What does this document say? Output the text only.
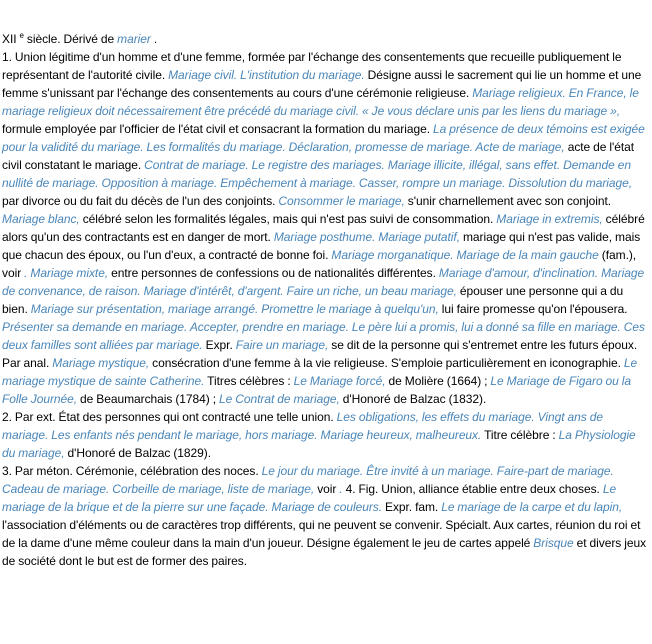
XII $^e$ siècle. Dérivé de marier .

1. Union légitime d'un homme et d'une femme, formée par l'échange des consentements que recueille publiquement le représentant de l'autorité civile. Mariage civil. L'institution du mariage. Désigne aussi le sacrement qui lie un homme et une femme s'unissant par l'échange des consentements au cours d'une cérémonie religieuse. Mariage religieux. En France, le mariage religieux doit nécessairement être précédé du mariage civil. « Je vous déclare unis par les liens du mariage », formule employée par l'officier de l'état civil et consacrant la formation du mariage. La présence de deux témoins est exigée pour la validité du mariage. Les formalités du mariage. Déclaration, promesse de mariage. Acte de mariage, acte de l'état civil constatant le mariage. Contrat de mariage. Le registre des mariages. Mariage illicite, illégal, sans effet. Demande en nullité de mariage. Opposition à mariage. Empêchement à mariage. Casser, rompre un mariage. Dissolution du mariage, par divorce ou du fait du décès de l'un des conjoints. Consommer le mariage, s'unir charnellement avec son conjoint. Mariage blanc, célébré selon les formalités légales, mais qui n'est pas suivi de consommation. Mariage in extremis, célébré alors qu'un des contractants est en danger de mort. Mariage posthume. Mariage putatif, mariage qui n'est pas valide, mais que chacun des époux, ou l'un d'eux, a contracté de bonne foi. Mariage morganatique. Mariage de la main gauche (fam.), voir . Mariage mixte, entre personnes de confessions ou de nationalités différentes. Mariage d'amour, d'inclination. Mariage de convenance, de raison. Mariage d'intérêt, d'argent. Faire un riche, un beau mariage, épouser une personne qui a du bien. Mariage sur présentation, mariage arrangé. Promettre le mariage à quelqu'un, lui faire promesse qu'on l'épousera. Présenter sa demande en mariage. Accepter, prendre en mariage. Le père lui a promis, lui a donné sa fille en mariage. Ces deux familles sont alliées par mariage. Expr. Faire un mariage, se dit de la personne qui s'entremet entre les futurs époux. Par anal. Mariage mystique, consécration d'une femme à la vie religieuse. S'emploie particulièrement en iconographie. Le mariage mystique de sainte Catherine. Titres célèbres : Le Mariage forcé, de Molière (1664) ; Le Mariage de Figaro ou la Folle Journée, de Beaumarchais (1784) ; Le Contrat de mariage, d'Honoré de Balzac (1832).

2. Par ext. État des personnes qui ont contracté une telle union. Les obligations, les effets du mariage. Vingt ans de mariage. Les enfants nés pendant le mariage, hors mariage. Mariage heureux, malheureux. Titre célèbre : La Physiologie du mariage, d'Honoré de Balzac (1829).

3. Par méton. Cérémonie, célébration des noces. Le jour du mariage. Être invité à un mariage. Faire-part de mariage. Cadeau de mariage. Corbeille de mariage, liste de mariage, voir . 4. Fig. Union, alliance établie entre deux choses. Le mariage de la brique et de la pierre sur une façade. Mariage de couleurs. Expr. fam. Le mariage de la carpe et du lapin, l'association d'éléments ou de caractères trop différents, qui ne peuvent se convenir. Spécialt. Aux cartes, réunion du roi et de la dame d'une même couleur dans la main d'un joueur. Désigne également le jeu de cartes appelé Brisque et divers jeux de société dont le but est de former des paires.
